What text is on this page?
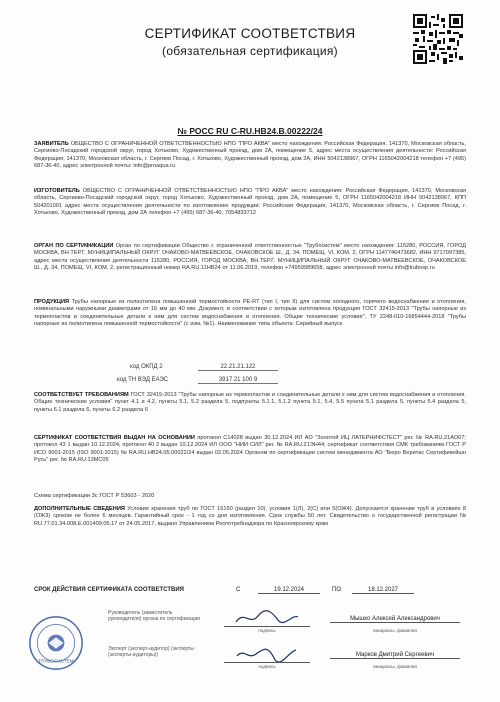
СЕРТИФИКАТ СООТВЕТСТВИЯ
(обязательная сертификация)
№ РОСС RU С-RU.НВ24.В.00222/24
ЗАЯВИТЕЛЬ ОБЩЕСТВО С ОГРАНИЧЕННОЙ ОТВЕТСТВЕННОСТЬЮ НПО "ПРО АКВА" место нахождения: Российская Федерация, 141370, Московская область, Сергиево-Посадский городской округ, город Хотьково, Художественный проезд, дом 2А, помещение 5, адрес места осуществления деятельности: Российская Федерация, 141370, Московская область, г. Сергиев Посад, г. Хотьково, Художественный проезд, дом 2А, ИНН 5042138967, ОГРН 1165042004218 телефон +7 (495) 687-36-40, адрес электронной почты: info@proaqua.ru
ИЗГОТОВИТЕЛЬ ОБЩЕСТВО С ОГРАНИЧЕННОЙ ОТВЕТСТВЕННОСТЬЮ НПО "ПРО АКВА" место нахождения: Российская Федерация, 141370, Московская область, Сергиево-Посадский городской округ, город Хотьково, Художественный проезд, дом 2А, помещение 5, ОГРН 1165042004218 ИНН 5042138967, КПП 504201001 адрес места осуществления деятельности по изготовлению продукции: Российская Федерация, 141370, Московская область, г. Сергиев Посад, г. Хотьково, Художественный проезд, дом 2А телефон +7 (495) 687-36-40, 7054833712
ОРГАН ПО СЕРТИФИКАЦИИ Орган по сертификации Общество с ограниченной ответственностью "Трубосистем" место нахождения: 115280, РОССИЯ, ГОРОД МОСКВА, ВН.ТЕР.Г. МУНИЦИПАЛЬНЫЙ ОКРУГ ОЧАКОВО-МАТВЕЕВСКОЕ, ОЧАКОВСКОЕ Ш., Д. 34, ПОМЕЩ. VI, КОМ. 2, ОГРН 1147746473682, ИНН 9717097385, адрес места осуществления деятельности 115280, РОССИЯ, ГОРОД МОСКВА, ВН.ТЕР.Г. МУНИЦИПАЛЬНЫЙ ОКРУГ ОЧАКОВО-МАТВЕЕВСКОЕ, ОЧАКОВСКОЕ Ш., Д. 34, ПОМЕЩ. VI, КОМ. 2, регистрационный номер RA.RU.11НВ24 от 11.06.2019, телефон +74959989658, адрес электронной почты info@trubosp.ru
ПРОДУКЦИЯ Трубы напорные из полиэтилена повышенной термостойкости PE-RT (тип I, тип II) для систем холодного, горячего водоснабжения и отопления, номинальными наружными диаметрами от 16 мм до 40 мм. Документ, в соответствии с которым изготовлена продукция ГОСТ 32415-2013 "Трубы напорные из термопластов и соединительные детали к ним для систем водоснабжения и отопления. Общие технические условия", ТУ 2248-010-16854444-2018 "Трубы напорные из полиэтилена повышенной термостойкости" (с изм. №1). Наименование типа объекта: Серийный выпуск
код ОКПД 2	22.21.21.122
код ТН ВЭД ЕАЭС	3917 21 100 9
СООТВЕТСТВУЕТ ТРЕБОВАНИЯМ ГОСТ 32415-2013 "Трубы напорные из термопластов и соединительные детали к ним для систем водоснабжения и отопления. Общие технические условия" пункт 4.1 и 4.2, пункты 5.1, 5.2 раздела 5, подпункты 5.1.1, 5.1.2 пункта 5.1, 5.4, 5.5 пункта 5.1 раздела 5, пункты 5.4 раздела 5, пункты 6.1 раздела 6, пункты 6.2 раздела 6
СЕРТИФИКАТ СООТВЕТСТВИЯ ВЫДАН НА ОСНОВАНИИ протокол С14028 выдан 30.12.2024 ИЛ АО "Золотой ИЦ ЛАТЕРНИФСТЕСТ" рег. № RA.RU.21АО07; протокол 43 1 выдан 10.12.2024, протокол 40 2 выдан 10.12.2024 ИЛ ООО "НИИ СИЛ" рег. № RA.RU.21ЭН44; сертификат соответствия СМК требованиям ГОСТ Р ИСО 9001-2015 (ISO 9001:2015) № RA.RU.НВ24.05.00022/24 выдан 02.05.2024 Органом по сертификации систем менеджмента АО "Бюро Веритас Сертификейшн Русь" рег. № RA.RU.13МС05
Схема сертификации 3с ГОСТ Р 53603 - 2020
ДОПОЛНИТЕЛЬНЫЕ СВЕДЕНИЯ Условия хранения труб по ГОСТ 15150 (раздел 10), условия 1(Л), 2(С) или 5(ОЖ4). Допускается хранение труб в условиях 8 (ОЖ3) сроком не более 6 месяцев. Гарантийный срок - 1 год со дня изготовления. Срок службы 50 лет. Свидетельство о государственной регистрации № RU.77.01.34.008.Е.001409.05.17 от 24.05.2017, выдано Управлением Роспотребнадзора по Красноярскому краю
СРОК ДЕЙСТВИЯ СЕРТИФИКАТА СООТВЕТСТВИЯ	С	19.12.2024	ПО	18.12.2027
ТРУБОСИСТЕМ
Руководитель (заместитель руководителя) органа по сертификации
подпись
Мышко Алексей Александрович
инициалы, фамилия
Эксперт (эксперт-аудитор) (эксперты (эксперты-аудиторы))
подпись
Марков Дмитрий Сергеевич
инициалы, фамилия
